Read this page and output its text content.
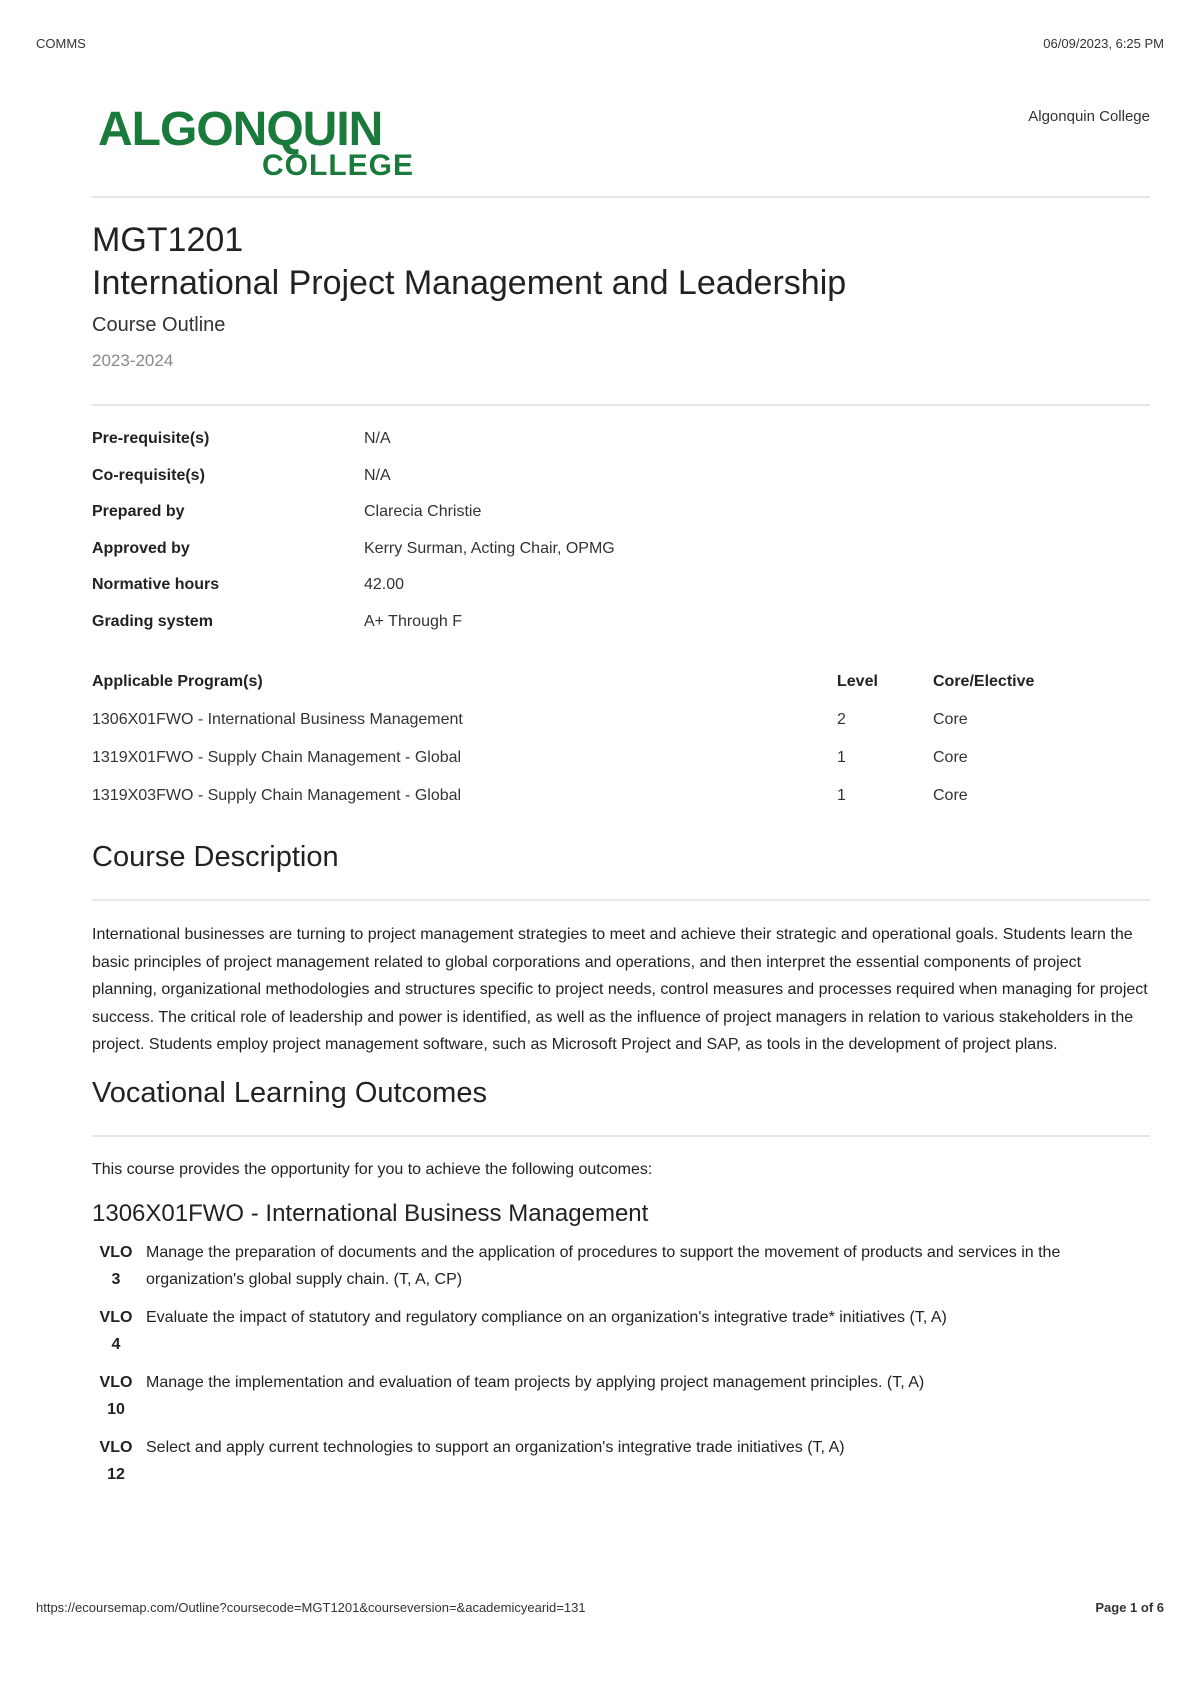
COMMS	06/09/2023, 6:25 PM
ALGONQUIN
COLLEGE
Algonquin College
MGT1201
International Project Management and Leadership
Course Outline
2023-2024
Pre-requisite(s)	N/A
Co-requisite(s)	N/A
Prepared by	Clarecia Christie
Approved by	Kerry Surman, Acting Chair, OPMG
Normative hours	42.00
Grading system	A+ Through F
Applicable Program(s)	Level	Core/Elective
1306X01FWO - International Business Management	2	Core
1319X01FWO - Supply Chain Management - Global	1	Core
1319X03FWO - Supply Chain Management - Global	1	Core
Course Description

International businesses are turning to project management strategies to meet and achieve their strategic and operational goals. Students learn the basic principles of project management related to global corporations and operations, and then interpret the essential components of project planning, organizational methodologies and structures specific to project needs, control measures and processes required when managing for project success. The critical role of leadership and power is identified, as well as the influence of project managers in relation to various stakeholders in the project. Students employ project management software, such as Microsoft Project and SAP, as tools in the development of project plans.

Vocational Learning Outcomes

This course provides the opportunity for you to achieve the following outcomes:

1306X01FWO - International Business Management
VLO 3
Manage the preparation of documents and the application of procedures to support the movement of products and services in the organization's global supply chain. (T, A, CP)
VLO 4
Evaluate the impact of statutory and regulatory compliance on an organization's integrative trade* initiatives (T, A)
VLO 10
Manage the implementation and evaluation of team projects by applying project management principles. (T, A)
VLO 12
Select and apply current technologies to support an organization's integrative trade initiatives (T, A)
https://ecoursemap.com/Outline?coursecode=MGT1201&courseversion=&academicyearid=131	Page 1 of 6
